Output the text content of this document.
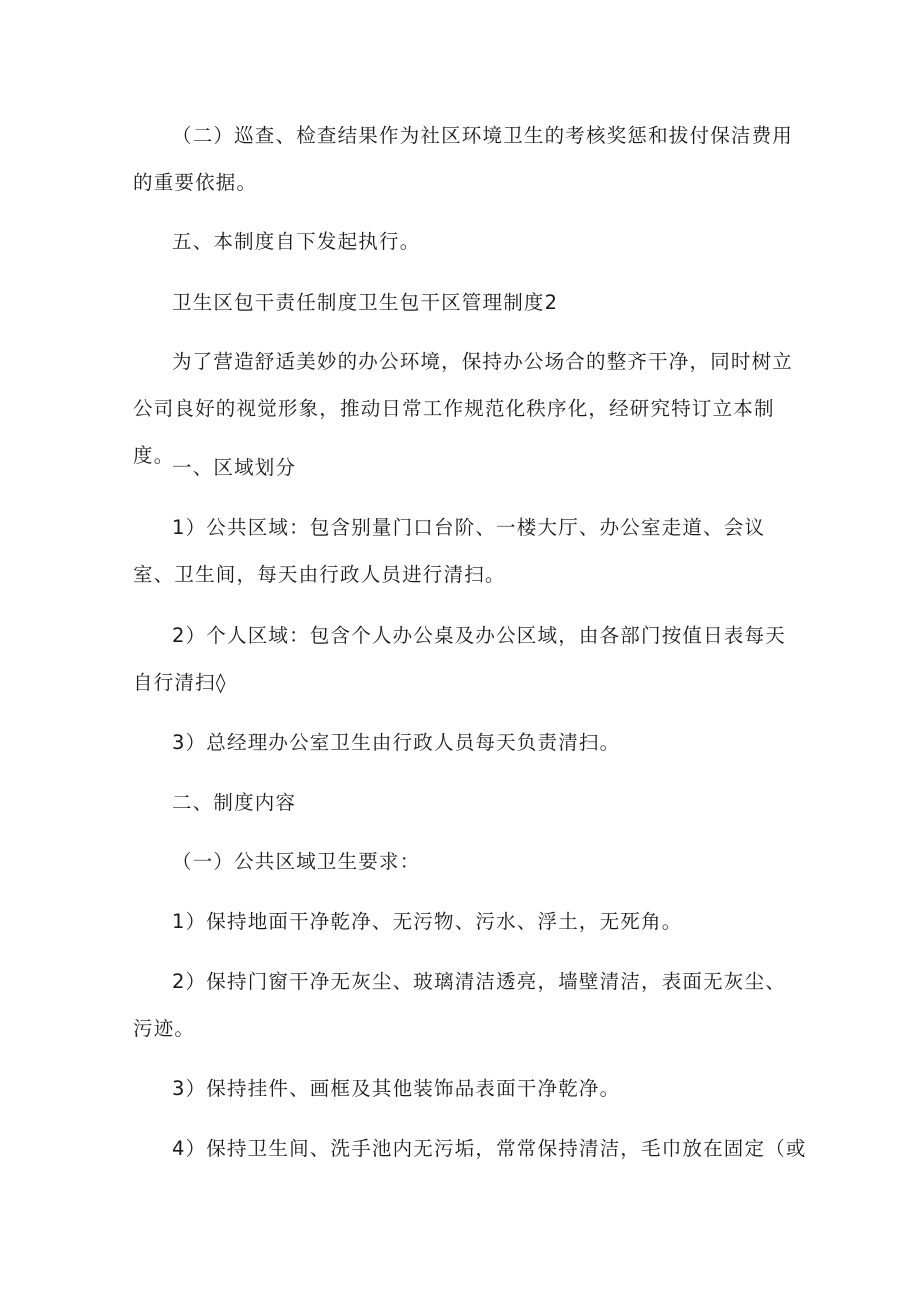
（二）巡查、检查结果作为社区环境卫生的考核奖惩和拔付保洁费用的重要依据。

五、本制度自下发起执行。

卫生区包干责任制度卫生包干区管理制度2

为了营造舒适美妙的办公环境，保持办公场合的整齐干净，同时树立公司良好的视觉形象，推动日常工作规范化秩序化，经研究特订立本制度。

一、区域划分

1）公共区域：包含别量门口台阶、一楼大厅、办公室走道、会议室、卫生间，每天由行政人员进行清扫。

2）个人区域：包含个人办公桌及办公区域，由各部门按值日表每天自行清扫◊

3）总经理办公室卫生由行政人员每天负责清扫。

二、制度内容

（一）公共区域卫生要求：

1）保持地面干净乾净、无污物、污水、浮土，无死角。

2）保持门窗干净无灰尘、玻璃清洁透亮，墙壁清洁，表面无灰尘、污迹。

3）保持挂件、画框及其他装饰品表面干净乾净。

4）保持卫生间、洗手池内无污垢，常常保持清洁，毛巾放在固定（或
